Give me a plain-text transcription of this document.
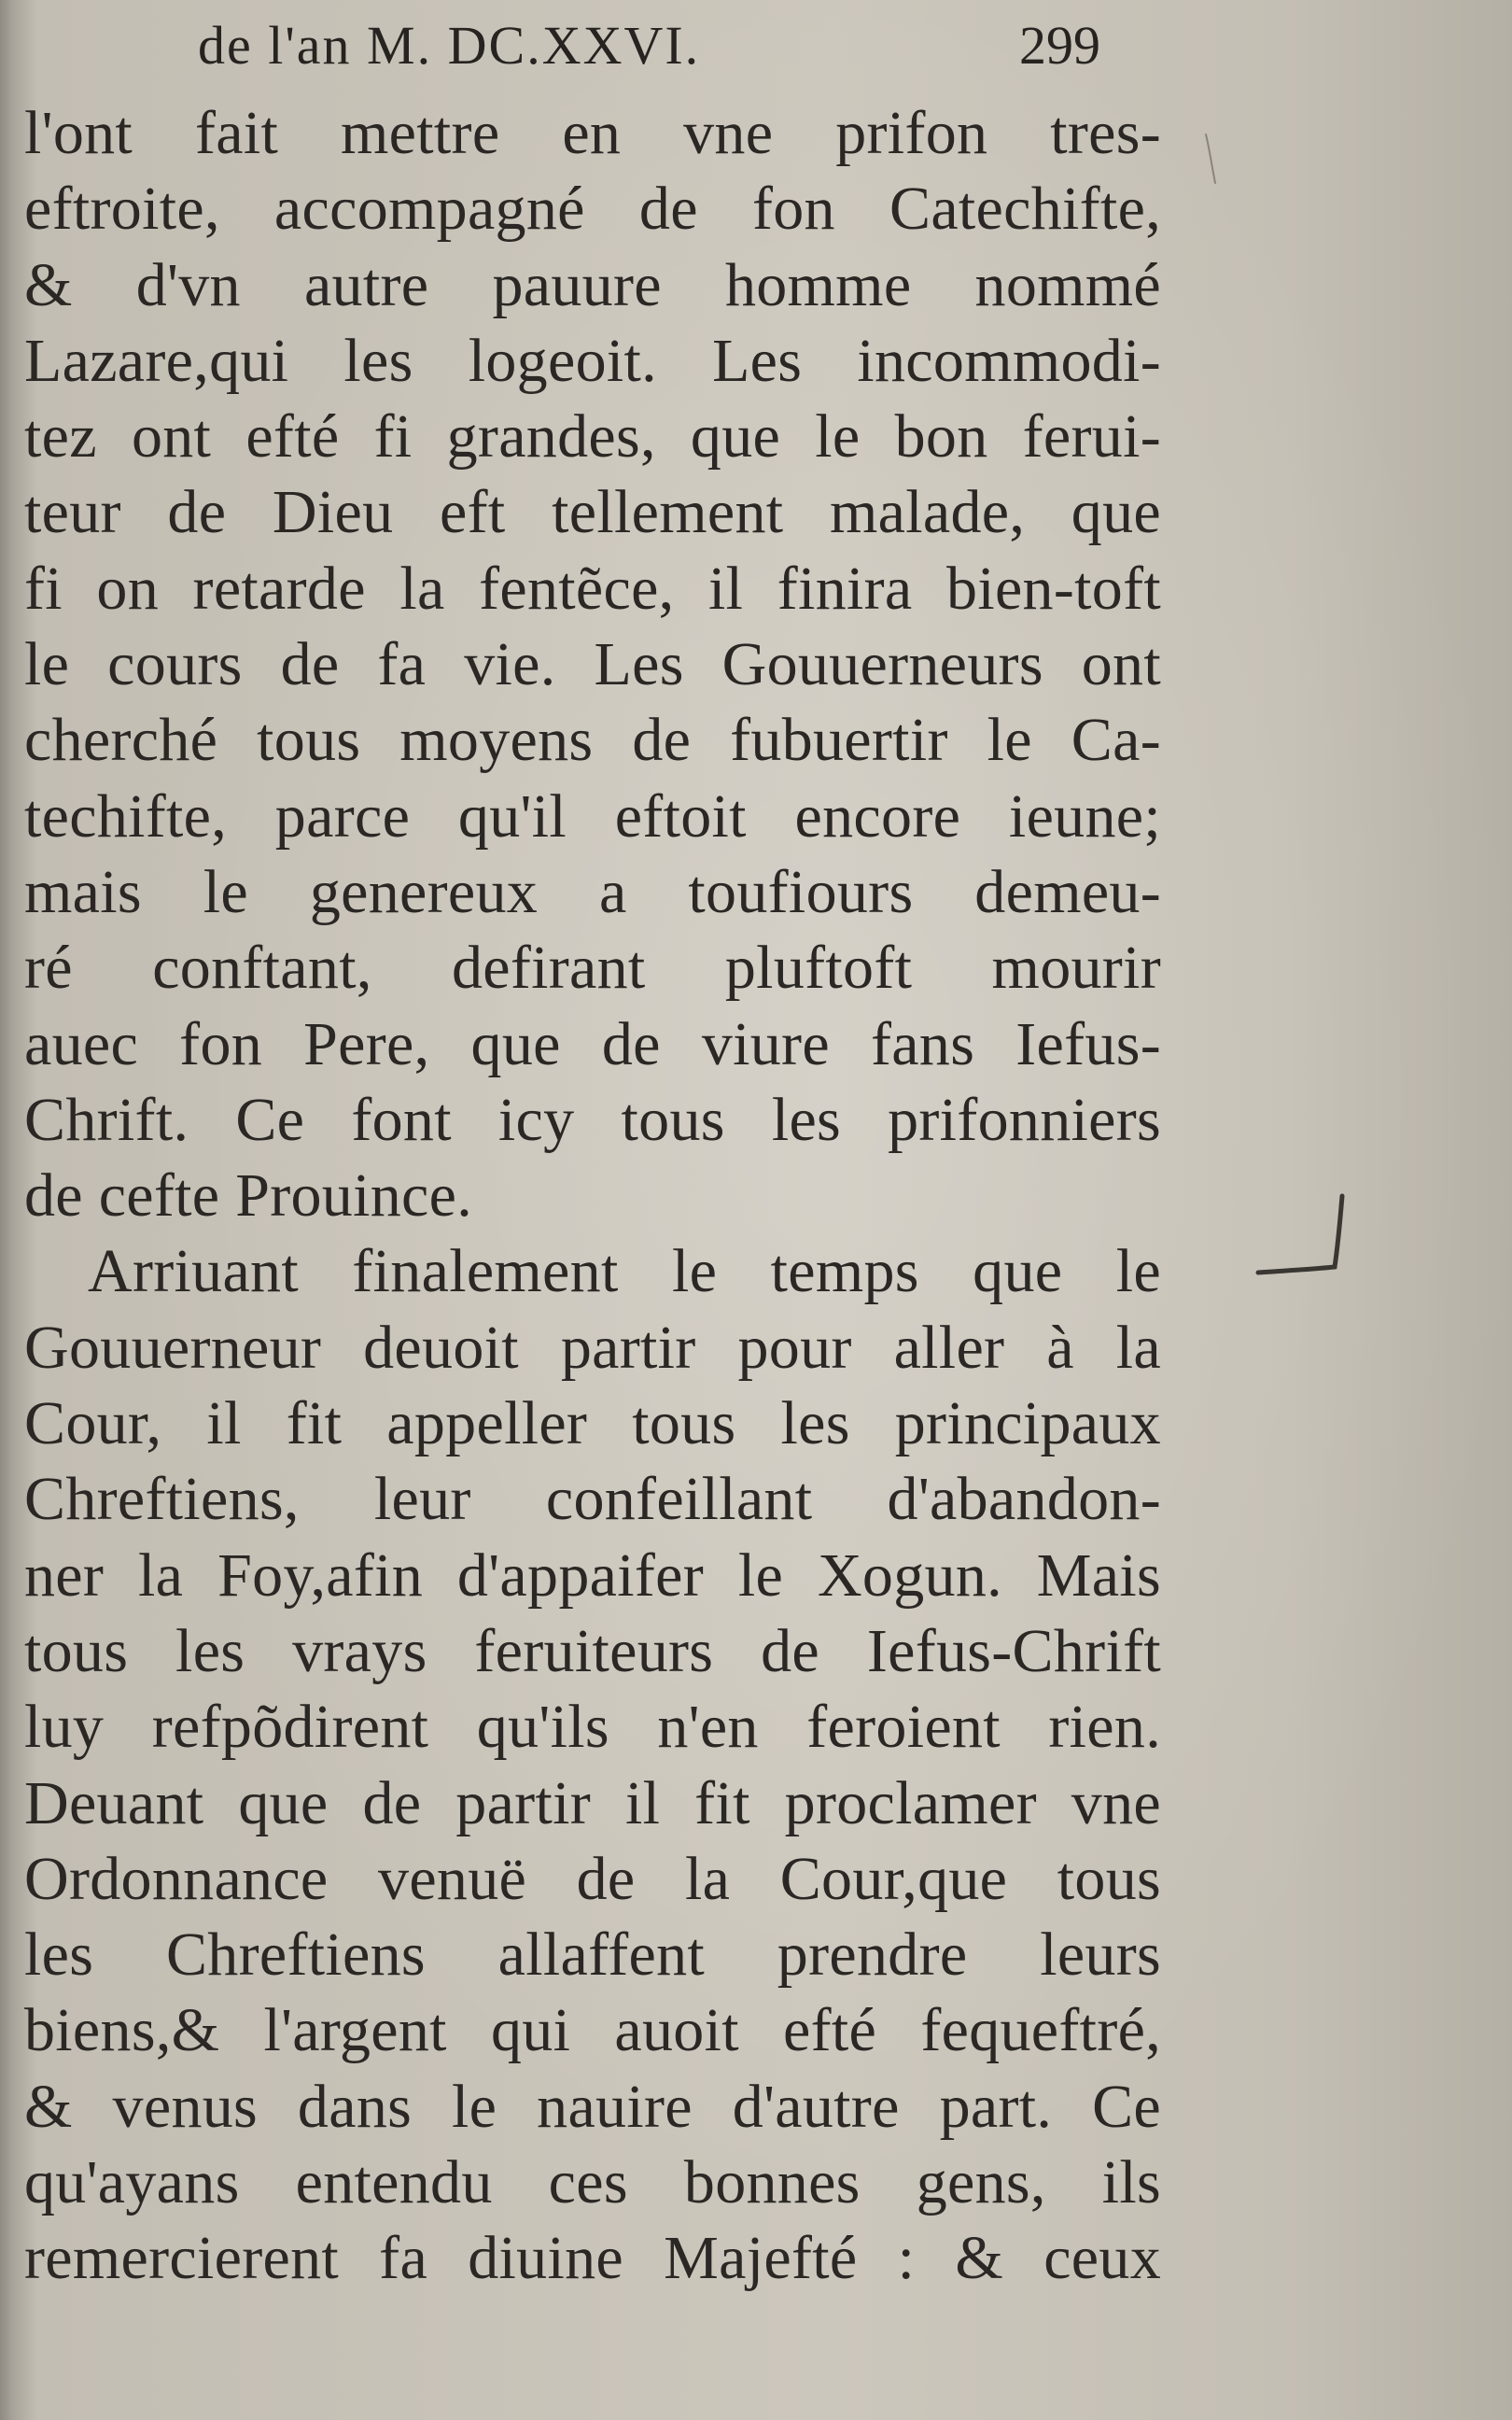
de l'an M. DC.XXVI.	299
l'ont fait mettre en vne prifon tres-
eftroite, accompagné de fon Catechifte,
& d'vn autre pauure homme nommé
Lazare,qui les logeoit. Les incommodi-
tez ont efté fi grandes, que le bon ferui-
teur de Dieu eft tellement malade, que
fi on retarde la fentẽce, il finira bien-toft
le cours de fa vie. Les Gouuerneurs ont
cherché tous moyens de fubuertir le Ca-
techifte, parce qu'il eftoit encore ieune;
mais le genereux a toufiours demeu-
ré conftant, defirant pluftoft mourir
auec fon Pere, que de viure fans Iefus-
Chrift. Ce font icy tous les prifonniers
de cefte Prouince.
Arriuant finalement le temps que le
Gouuerneur deuoit partir pour aller à la
Cour, il fit appeller tous les principaux
Chreftiens, leur confeillant d'abandon-
ner la Foy,afin d'appaifer le Xogun. Mais
tous les vrays feruiteurs de Iefus-Chrift
luy refpõdirent qu'ils n'en feroient rien.
Deuant que de partir il fit proclamer vne
Ordonnance venuë de la Cour,que tous
les Chreftiens allaffent prendre leurs
biens,& l'argent qui auoit efté fequeftré,
& venus dans le nauire d'autre part. Ce
qu'ayans entendu ces bonnes gens, ils
remercierent fa diuine Majefté : & ceux
